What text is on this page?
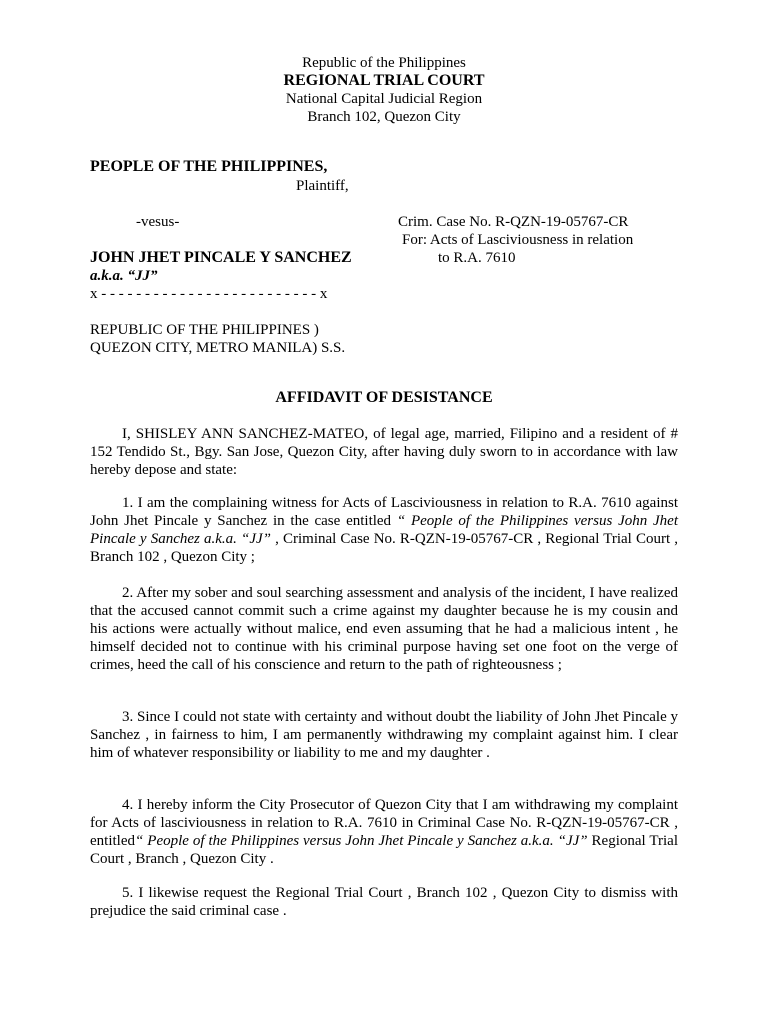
Republic of the Philippines
REGIONAL TRIAL COURT
National Capital Judicial Region
Branch 102, Quezon City
PEOPLE OF THE PHILIPPINES,
Plaintiff,
-vesus-	Crim. Case No. R-QZN-19-05767-CR
For: Acts of Lasciviousness in relation
to R.A. 7610
JOHN JHET PINCALE Y SANCHEZ
a.k.a. “JJ”
x - - - - - - - - - - - - - - - - - - - - - - - - - x
REPUBLIC OF THE PHILIPPINES )
QUEZON CITY, METRO MANILA) S.S.
AFFIDAVIT OF DESISTANCE
I, SHISLEY ANN SANCHEZ-MATEO, of legal age, married, Filipino and a resident of # 152 Tendido St., Bgy. San Jose, Quezon City, after having duly sworn to in accordance with law hereby depose and state:
1. I am the complaining witness for Acts of Lasciviousness in relation to R.A. 7610 against John Jhet Pincale y Sanchez in the case entitled “ People of the Philippines versus John Jhet Pincale y Sanchez a.k.a. “JJ” , Criminal Case No. R-QZN-19-05767-CR , Regional Trial Court , Branch 102 , Quezon City ;
2. After my sober and soul searching assessment and analysis of the incident, I have realized that the accused cannot commit such a crime against my daughter because he is my cousin and his actions were actually without malice, end even assuming that he had a malicious intent , he himself decided not to continue with his criminal purpose having set one foot on the verge of crimes, heed the call of his conscience and return to the path of righteousness ;
3. Since I could not state with certainty and without doubt the liability of John Jhet Pincale y Sanchez , in fairness to him, I am permanently withdrawing my complaint against him. I clear him of whatever responsibility or liability to me and my daughter .
4. I hereby inform the City Prosecutor of Quezon City that I am withdrawing my complaint for Acts of lasciviousness in relation to R.A. 7610 in Criminal Case No. R-QZN-19-05767-CR , entitled“ People of the Philippines versus John Jhet Pincale y Sanchez a.k.a. “JJ” Regional Trial Court , Branch , Quezon City .
5. I likewise request the Regional Trial Court , Branch 102 , Quezon City to dismiss with prejudice the said criminal case .
